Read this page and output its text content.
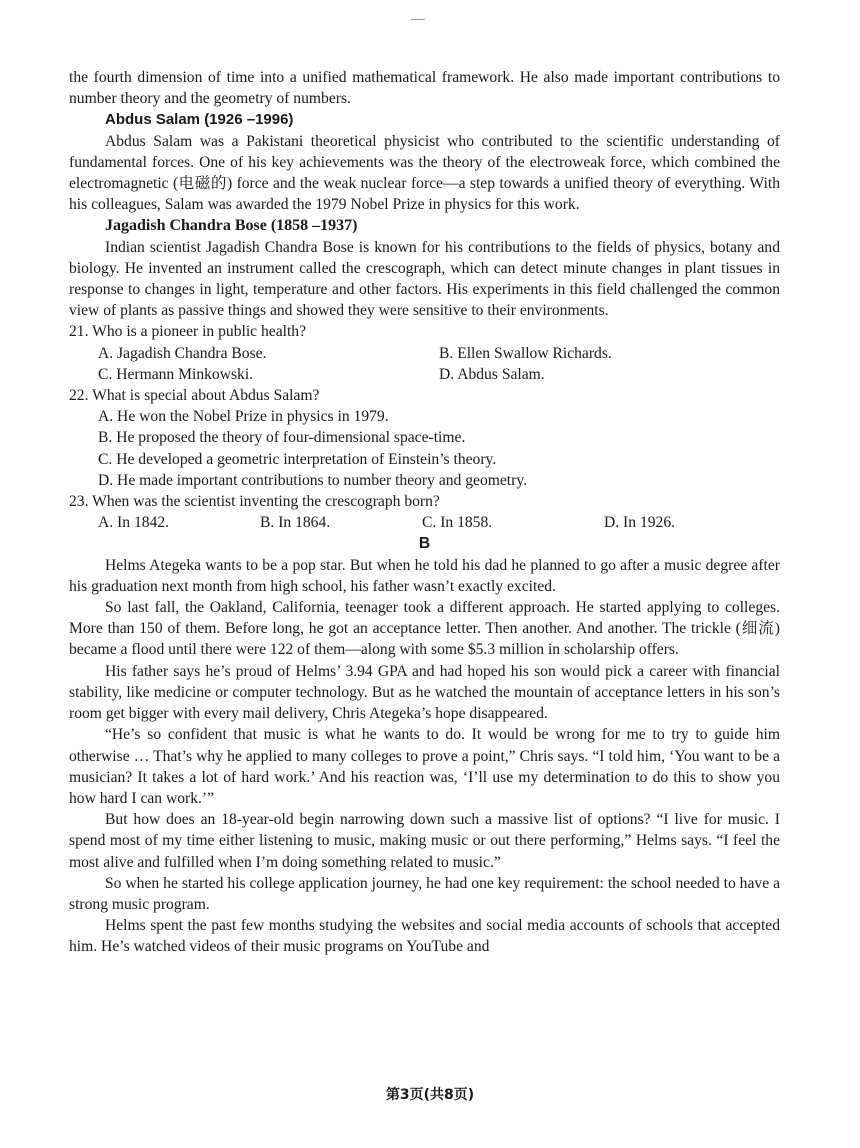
the fourth dimension of time into a unified mathematical framework. He also made important contributions to number theory and the geometry of numbers.

Abdus Salam (1926 –1996)

Abdus Salam was a Pakistani theoretical physicist who contributed to the scientific understanding of fundamental forces. One of his key achievements was the theory of the electroweak force, which combined the electromagnetic (电磁的) force and the weak nuclear force—a step towards a unified theory of everything. With his colleagues, Salam was awarded the 1979 Nobel Prize in physics for this work.

Jagadish Chandra Bose (1858 –1937)

Indian scientist Jagadish Chandra Bose is known for his contributions to the fields of physics, botany and biology. He invented an instrument called the crescograph, which can detect minute changes in plant tissues in response to changes in light, temperature and other factors. His experiments in this field challenged the common view of plants as passive things and showed they were sensitive to their environments.

21. Who is a pioneer in public health?

A. Jagadish Chandra Bose.	B. Ellen Swallow Richards.
C. Hermann Minkowski.	D. Abdus Salam.

22. What is special about Abdus Salam?

A. He won the Nobel Prize in physics in 1979.

B. He proposed the theory of four-dimensional space-time.

C. He developed a geometric interpretation of Einstein’s theory.

D. He made important contributions to number theory and geometry.

23. When was the scientist inventing the crescograph born?

A. In 1842.	B. In 1864.	C. In 1858.	D. In 1926.

B

Helms Ategeka wants to be a pop star. But when he told his dad he planned to go after a music degree after his graduation next month from high school, his father wasn’t exactly excited.

So last fall, the Oakland, California, teenager took a different approach. He started applying to colleges. More than 150 of them. Before long, he got an acceptance letter. Then another. And another. The trickle (细流) became a flood until there were 122 of them—along with some $5.3 million in scholarship offers.

His father says he’s proud of Helms’ 3.94 GPA and had hoped his son would pick a career with financial stability, like medicine or computer technology. But as he watched the mountain of acceptance letters in his son’s room get bigger with every mail delivery, Chris Ategeka’s hope disappeared.

“He’s so confident that music is what he wants to do. It would be wrong for me to try to guide him otherwise … That’s why he applied to many colleges to prove a point,” Chris says. “I told him, ‘You want to be a musician? It takes a lot of hard work.’ And his reaction was, ‘I’ll use my determination to do this to show you how hard I can work.’”

But how does an 18-year-old begin narrowing down such a massive list of options? “I live for music. I spend most of my time either listening to music, making music or out there performing,” Helms says. “I feel the most alive and fulfilled when I’m doing something related to music.”

So when he started his college application journey, he had one key requirement: the school needed to have a strong music program.

Helms spent the past few months studying the websites and social media accounts of schools that accepted him. He’s watched videos of their music programs on YouTube and

第3页(共8页)
